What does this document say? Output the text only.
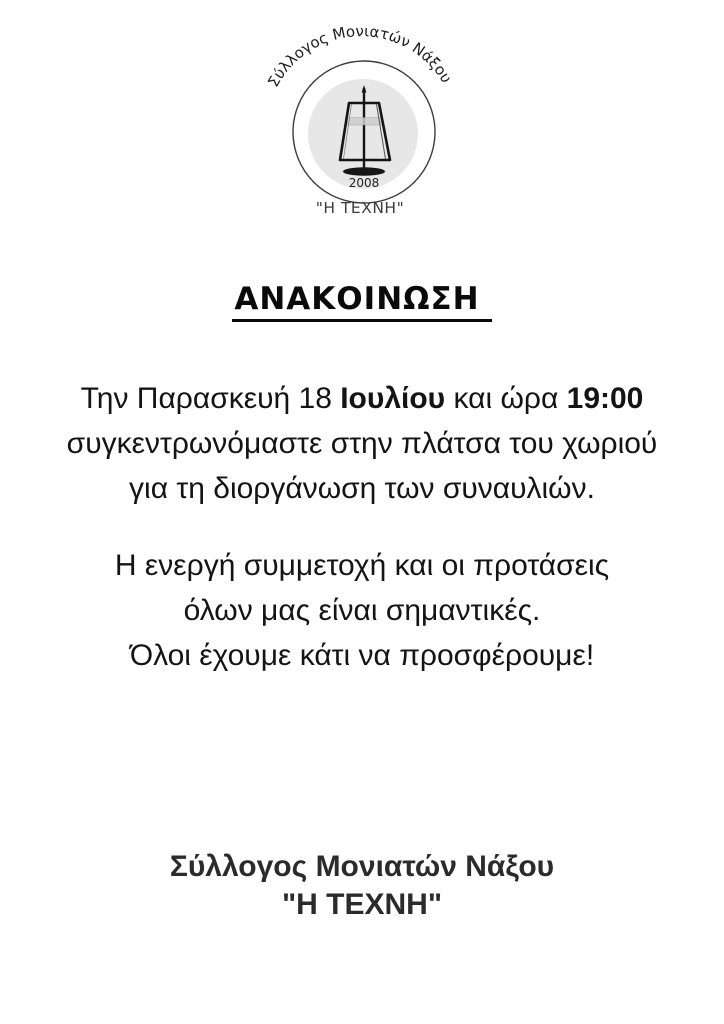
Σύλλογος Μονιατών Νάξου
2008
"Η ΤΕΧΝΗ"
ΑΝΑΚΟΙΝΩΣΗ
Την Παρασκευή 18 Ιουλίου και ώρα 19:00
συγκεντρωνόμαστε στην πλάτσα του χωριού
για τη διοργάνωση των συναυλιών.
Η ενεργή συμμετοχή και οι προτάσεις
όλων μας είναι σημαντικές.
Όλοι έχουμε κάτι να προσφέρουμε!
Σύλλογος Μονιατών Νάξου
"Η ΤΕΧΝΗ"
